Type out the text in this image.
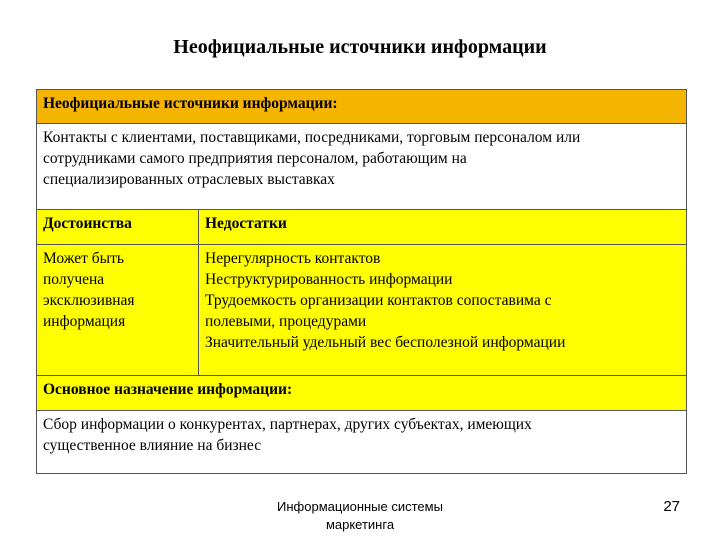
Неофициальные источники информации
Неофициальные источники информации:	

Контакты с клиентами, поставщиками, посредниками, торговым персоналом или
сотрудниками самого предприятия персоналом, работающим на
специализированных отраслевых выставках	

Достоинства	Недостатки

Может быть
получена
эксклюзивная
информация	Нерегулярность контактов
Неструктурированность информации
Трудоемкость организации контактов сопоставима с
полевыми, процедурами
Значительный удельный вес бесполезной информации

Основное назначение информации:	

Сбор информации о конкурентах, партнерах, других субъектах, имеющих
существенное влияние на бизнес	
Информационные системы
маркетинга
27
